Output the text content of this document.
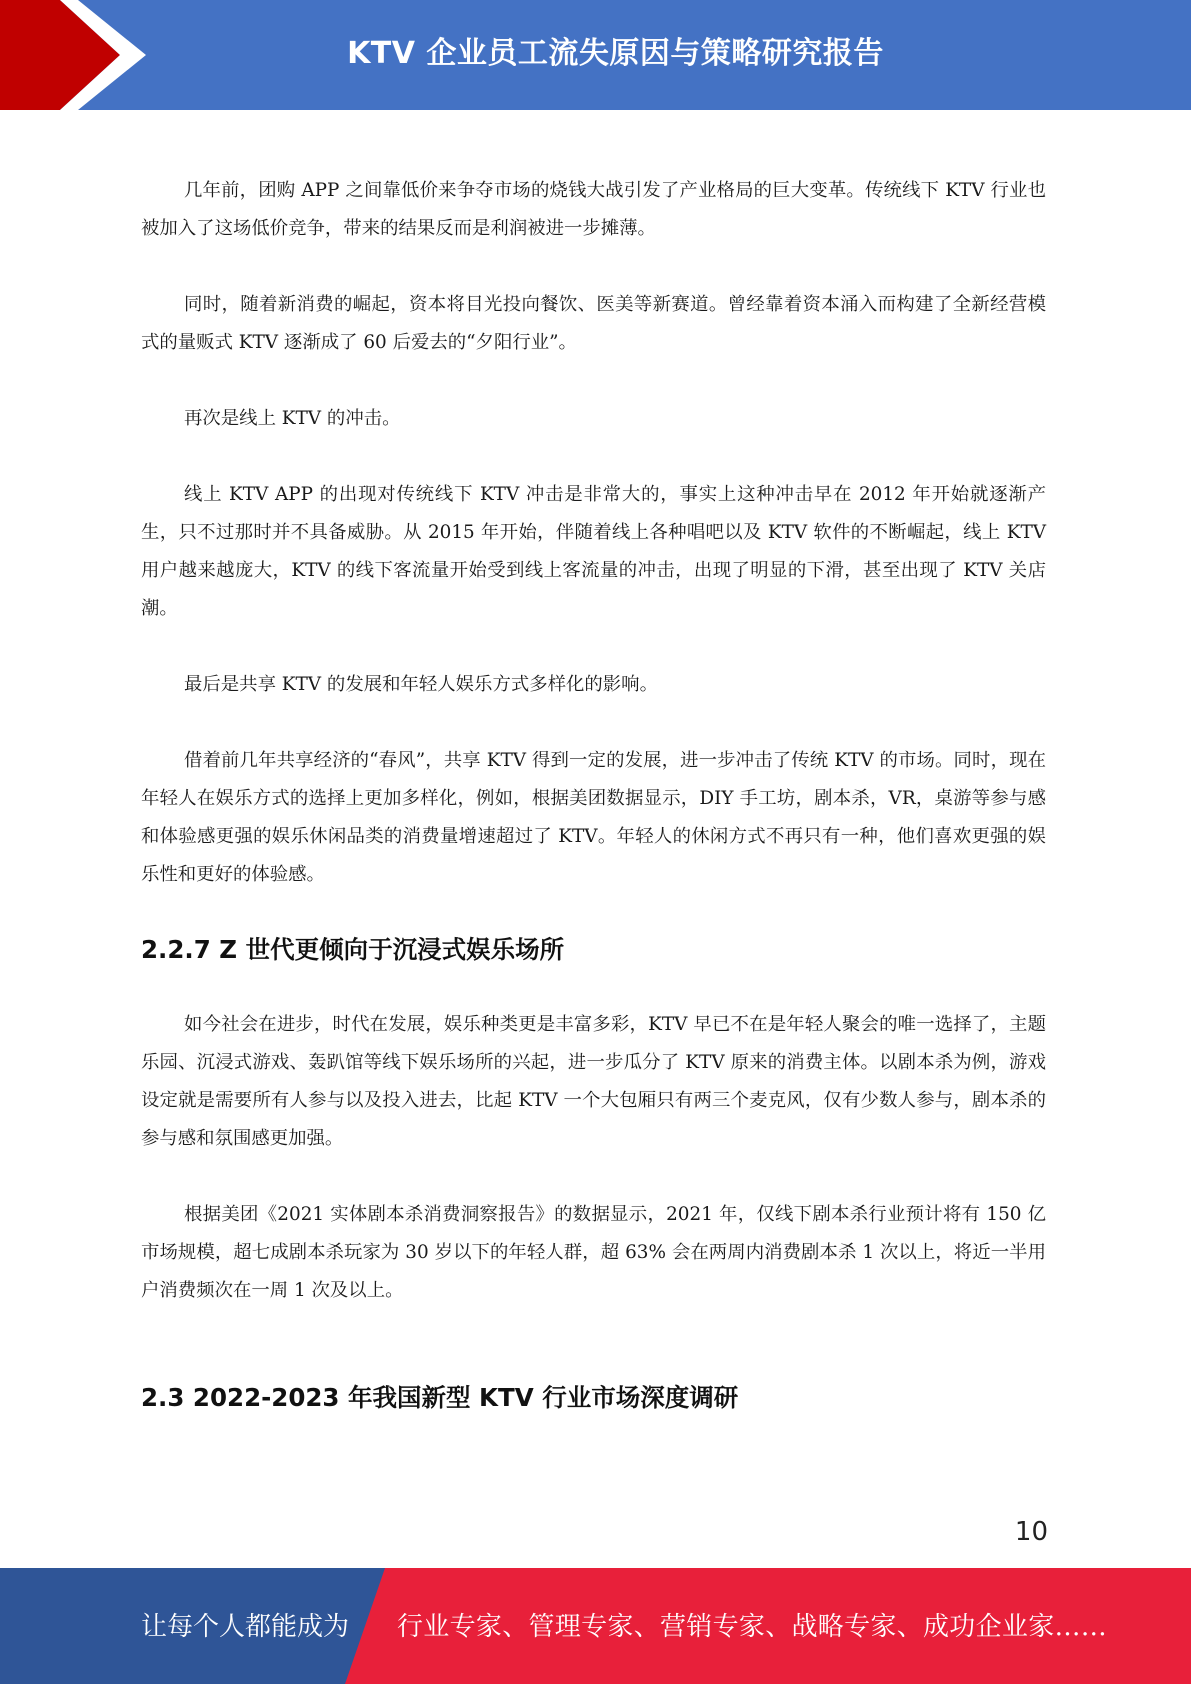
KTV 企业员工流失原因与策略研究报告

几年前，团购 APP 之间靠低价来争夺市场的烧钱大战引发了产业格局的巨大变革。传统线下 KTV 行业也被加入了这场低价竞争，带来的结果反而是利润被进一步摊薄。

同时，随着新消费的崛起，资本将目光投向餐饮、医美等新赛道。曾经靠着资本涌入而构建了全新经营模式的量贩式 KTV 逐渐成了 60 后爱去的“夕阳行业”。

再次是线上 KTV 的冲击。

线上 KTV APP 的出现对传统线下 KTV 冲击是非常大的，事实上这种冲击早在 2012 年开始就逐渐产生，只不过那时并不具备威胁。从 2015 年开始，伴随着线上各种唱吧以及 KTV 软件的不断崛起，线上 KTV 用户越来越庞大，KTV 的线下客流量开始受到线上客流量的冲击，出现了明显的下滑，甚至出现了 KTV 关店潮。

最后是共享 KTV 的发展和年轻人娱乐方式多样化的影响。

借着前几年共享经济的“春风”，共享 KTV 得到一定的发展，进一步冲击了传统 KTV 的市场。同时，现在年轻人在娱乐方式的选择上更加多样化，例如，根据美团数据显示，DIY 手工坊，剧本杀，VR，桌游等参与感和体验感更强的娱乐休闲品类的消费量增速超过了 KTV。年轻人的休闲方式不再只有一种，他们喜欢更强的娱乐性和更好的体验感。

2.2.7 Z 世代更倾向于沉浸式娱乐场所

如今社会在进步，时代在发展，娱乐种类更是丰富多彩，KTV 早已不在是年轻人聚会的唯一选择了，主题乐园、沉浸式游戏、轰趴馆等线下娱乐场所的兴起，进一步瓜分了 KTV 原来的消费主体。以剧本杀为例，游戏设定就是需要所有人参与以及投入进去，比起 KTV 一个大包厢只有两三个麦克风，仅有少数人参与，剧本杀的参与感和氛围感更加强。

根据美团《2021 实体剧本杀消费洞察报告》的数据显示，2021 年，仅线下剧本杀行业预计将有 150 亿市场规模，超七成剧本杀玩家为 30 岁以下的年轻人群，超 63% 会在两周内消费剧本杀 1 次以上，将近一半用户消费频次在一周 1 次及以上。

2.3 2022-2023 年我国新型 KTV 行业市场深度调研
10
让每个人都能成为 行业专家、管理专家、营销专家、战略专家、成功企业家……
